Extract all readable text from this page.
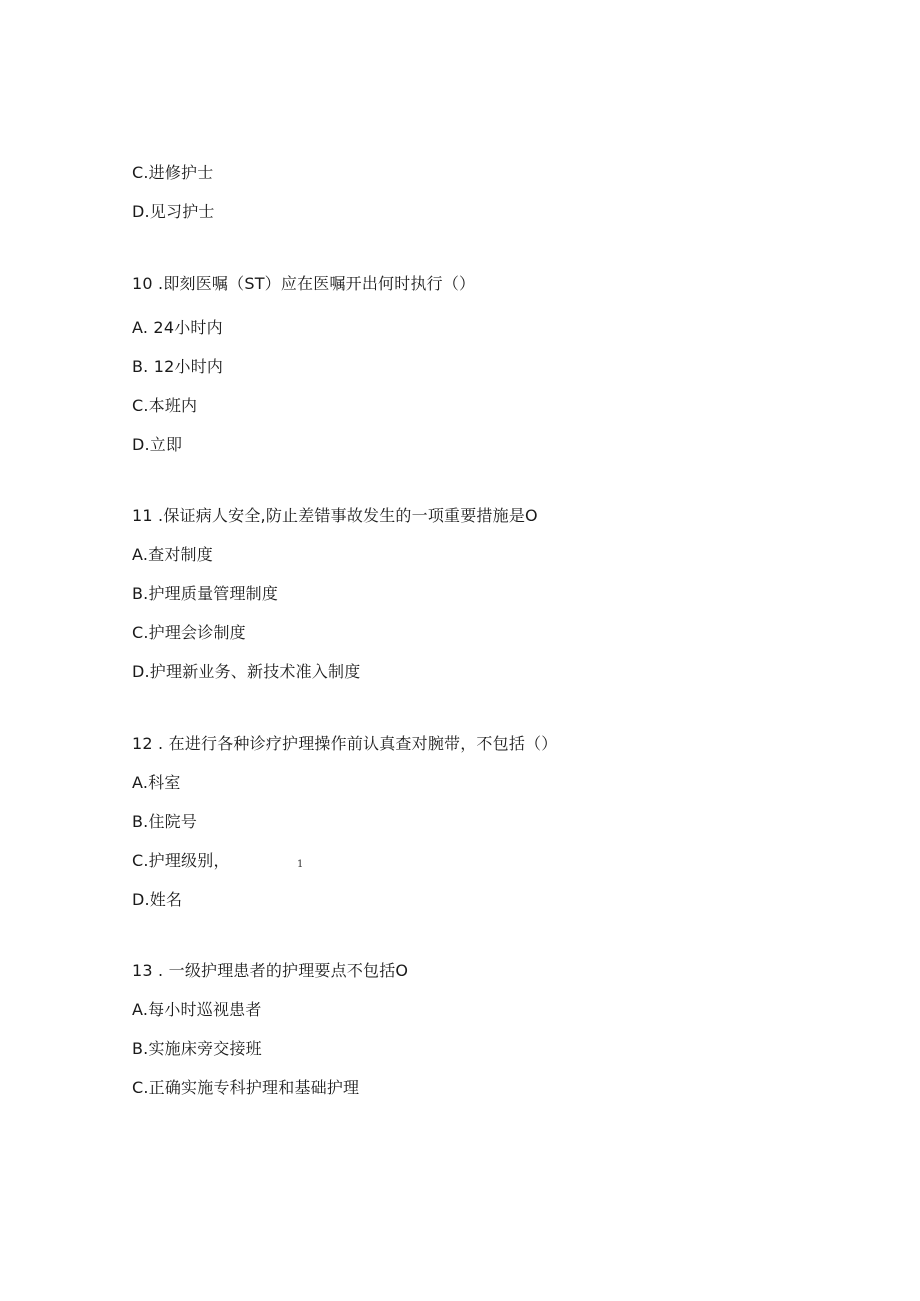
C.进修护士
D.见习护士
10 .即刻医嘱（ST）应在医嘱开出何时执行（）
A. 24小时内
B. 12小时内
C.本班内
D.立即
11 .保证病人安全,防止差错事故发生的一项重要措施是O
A.查对制度
B.护理质量管理制度
C.护理会诊制度
D.护理新业务、新技术准入制度
12 . 在进行各种诊疗护理操作前认真查对腕带，不包括（）
A.科室
B.住院号
C.护理级别，	1
D.姓名
13 . 一级护理患者的护理要点不包括O
A.每小时巡视患者
B.实施床旁交接班
C.正确实施专科护理和基础护理
